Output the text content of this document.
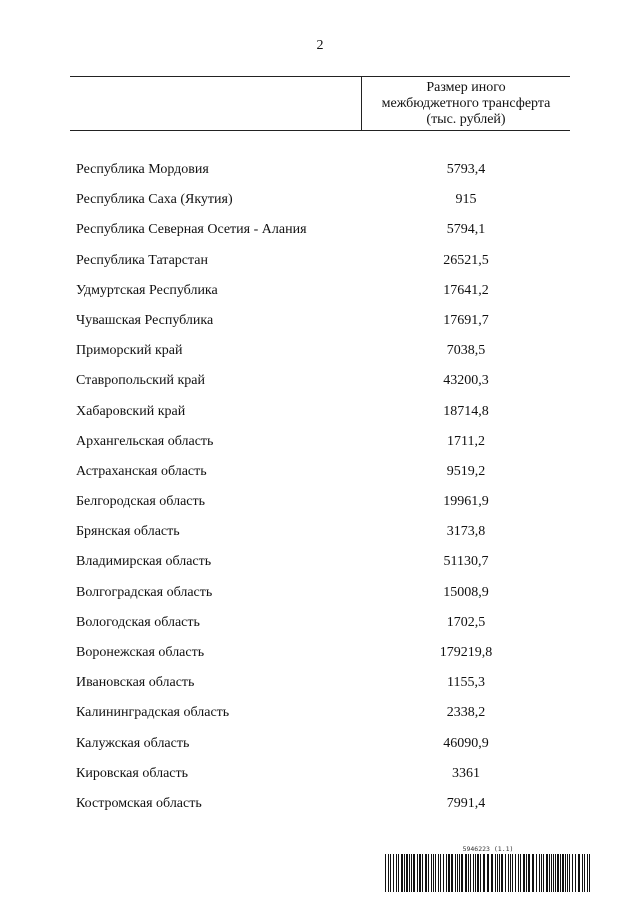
2
Размер иного
межбюджетного трансферта
(тыс. рублей)
Республика Мордовия	5793,4
Республика Саха (Якутия)	915
Республика Северная Осетия - Алания	5794,1
Республика Татарстан	26521,5
Удмуртская Республика	17641,2
Чувашская Республика	17691,7
Приморский край	7038,5
Ставропольский край	43200,3
Хабаровский край	18714,8
Архангельская область	1711,2
Астраханская область	9519,2
Белгородская область	19961,9
Брянская область	3173,8
Владимирская область	51130,7
Волгоградская область	15008,9
Вологодская область	1702,5
Воронежская область	179219,8
Ивановская область	1155,3
Калининградская область	2338,2
Калужская область	46090,9
Кировская область	3361
Костромская область	7991,4
5946223 (1.1)
